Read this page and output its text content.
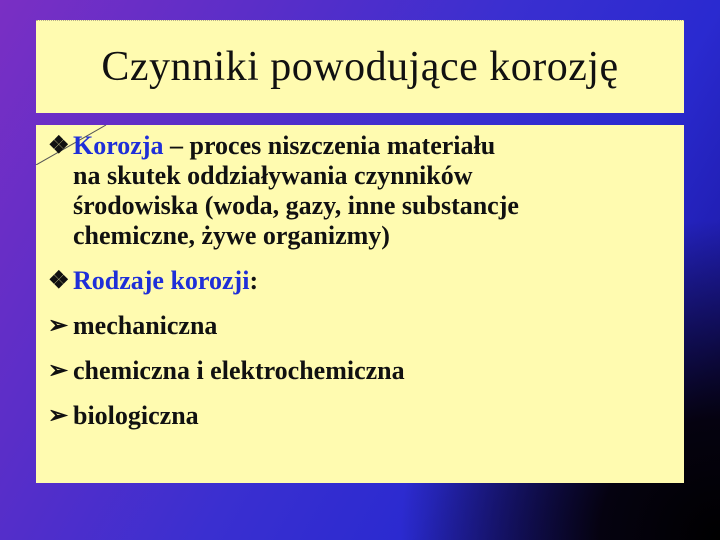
Czynniki powodujące korozję
❖ Korozja – proces niszczenia materiału
na skutek oddziaływania czynników
środowiska (woda, gazy, inne substancje
chemiczne, żywe organizmy)
❖ Rodzaje korozji:
➢ mechaniczna
➢ chemiczna i elektrochemiczna
➢ biologiczna
